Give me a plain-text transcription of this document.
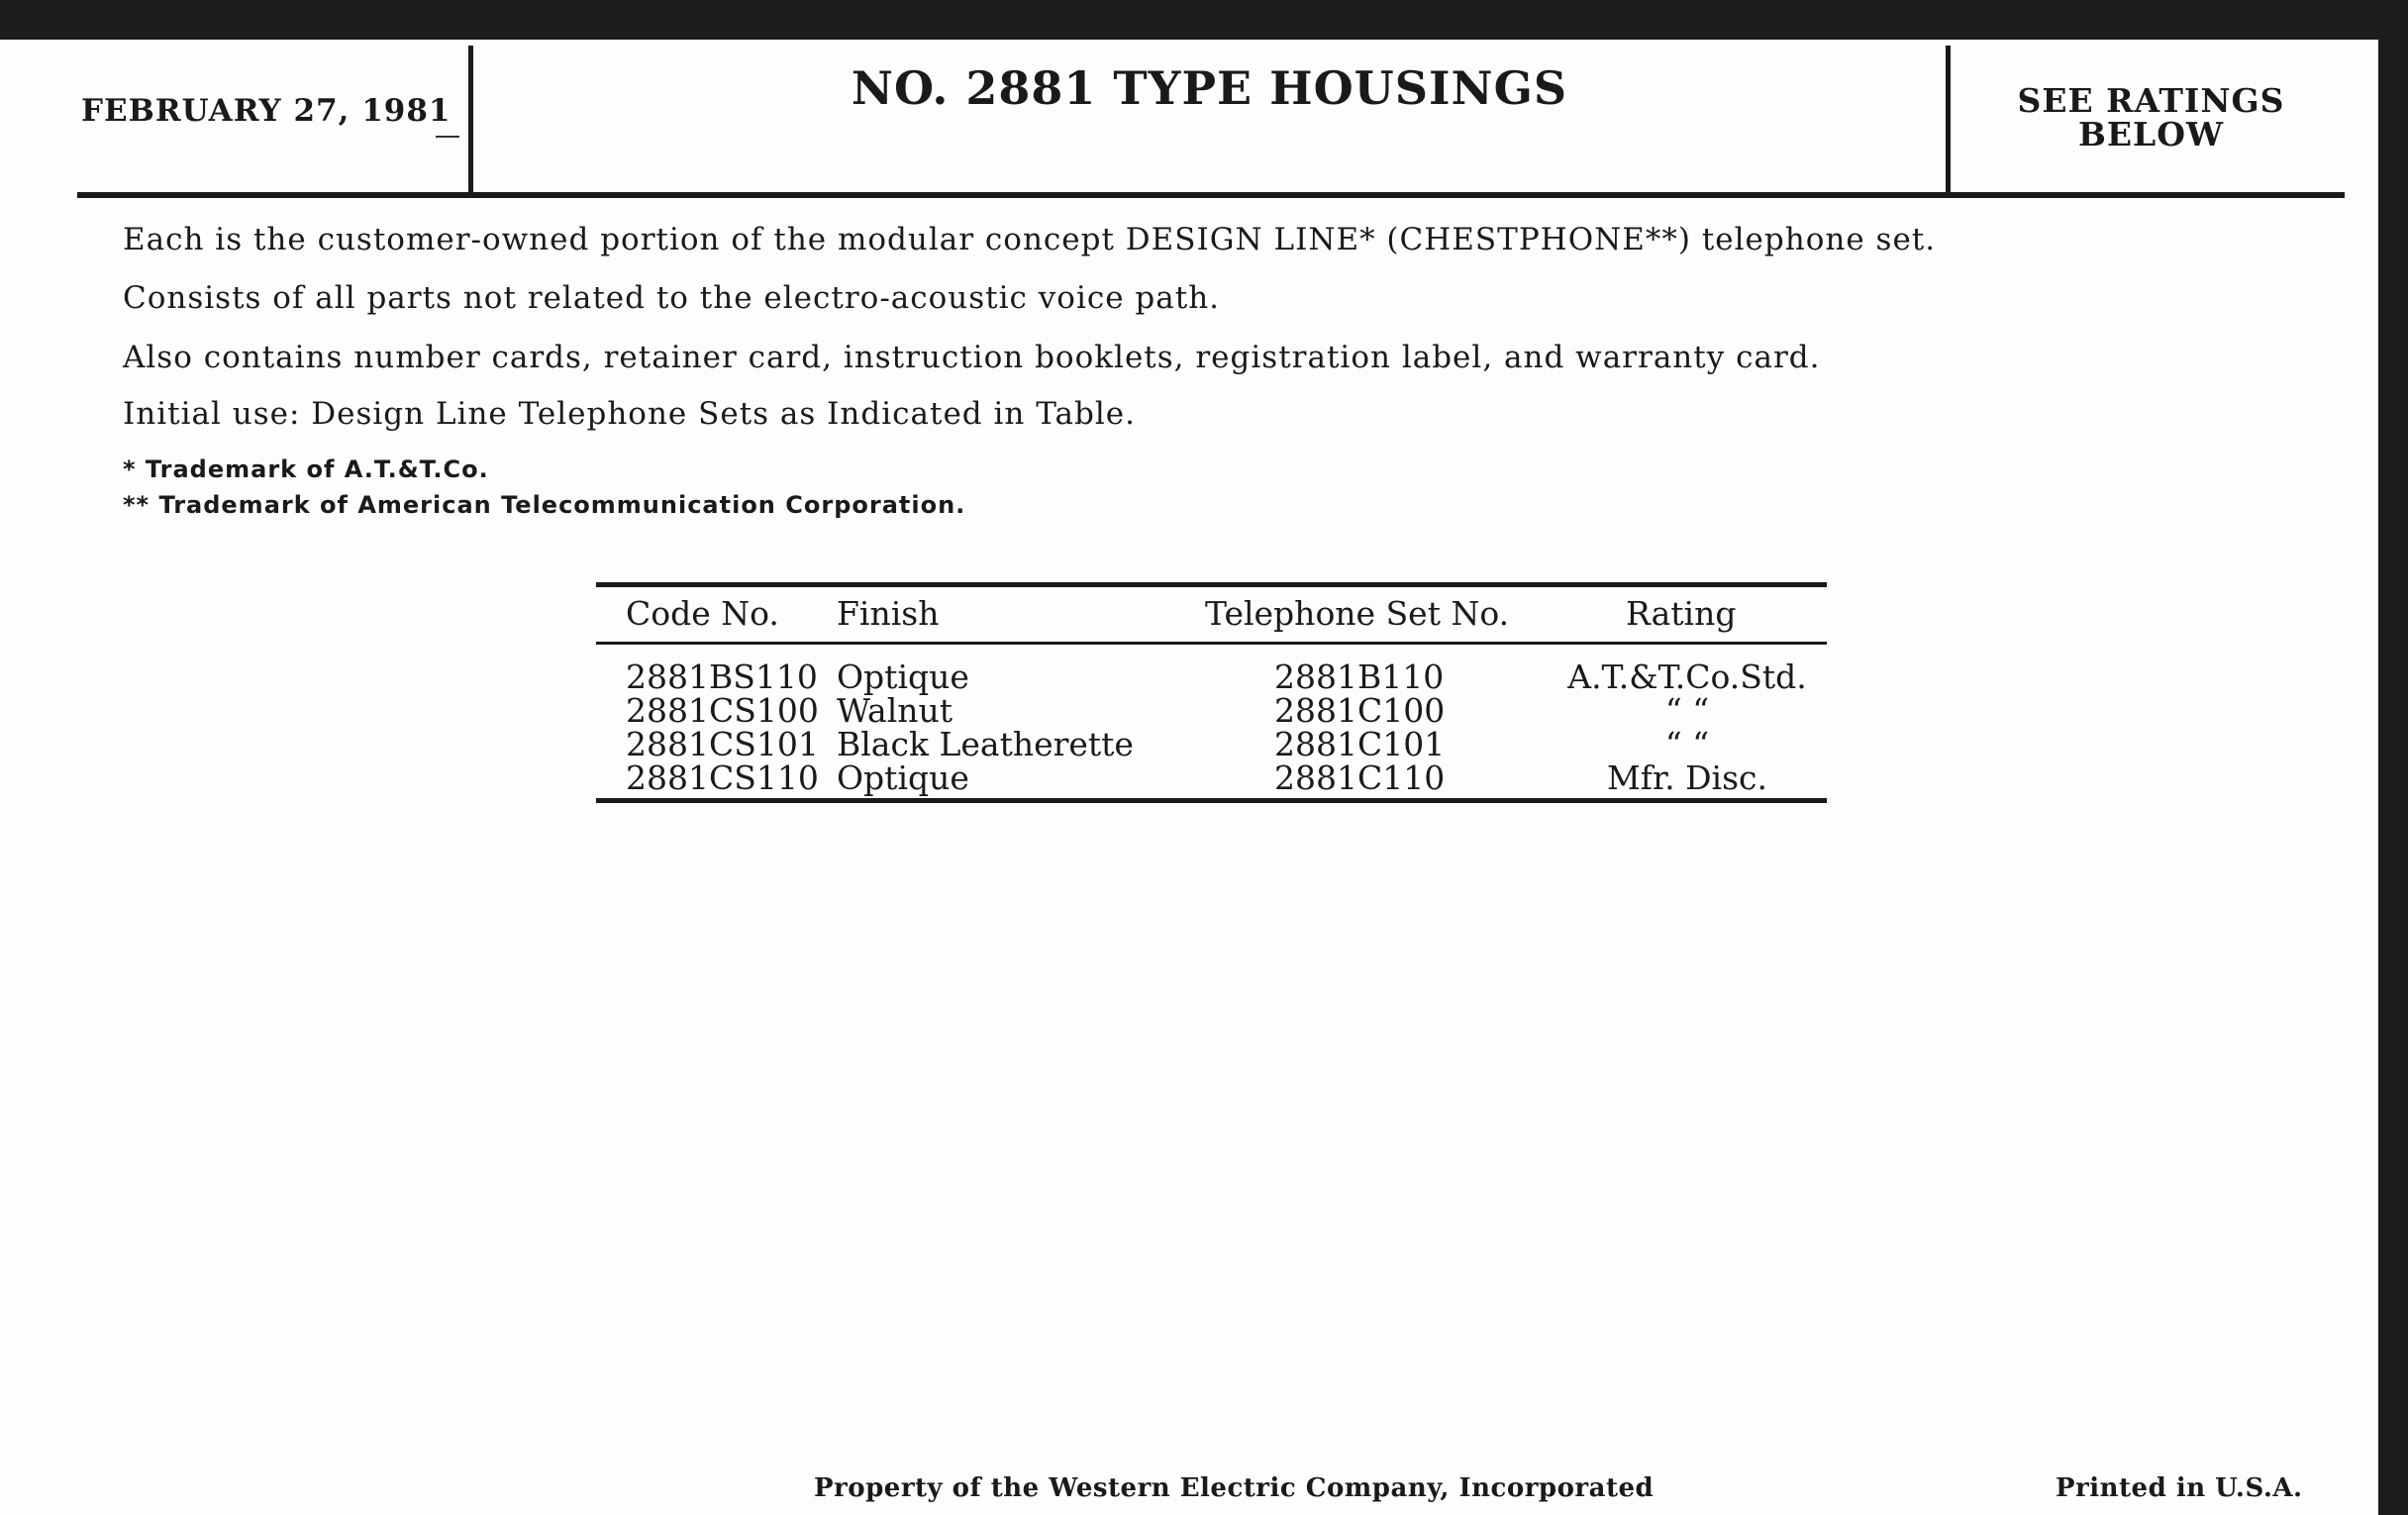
FEBRUARY 27, 1981	NO. 2881 TYPE HOUSINGS	SEE RATINGS
BELOW
Each is the customer-owned portion of the modular concept DESIGN LINE* (CHESTPHONE**) telephone set.
Consists of all parts not related to the electro-acoustic voice path.
Also contains number cards, retainer card, instruction booklets, registration label, and warranty card.
Initial use: Design Line Telephone Sets as Indicated in Table.
* Trademark of A.T.&T.Co.
** Trademark of American Telecommunication Corporation.
Code No. Finish	Telephone Set No.	Rating
2881BS110 Optique	2881B110	A.T.&T.Co.Std.
2881CS100 Walnut	2881C100	“ “
2881CS101 Black Leatherette	2881C101	“ “
2881CS110 Optique	2881C110	Mfr. Disc.
Property of the Western Electric Company, Incorporated	Printed in U.S.A.
